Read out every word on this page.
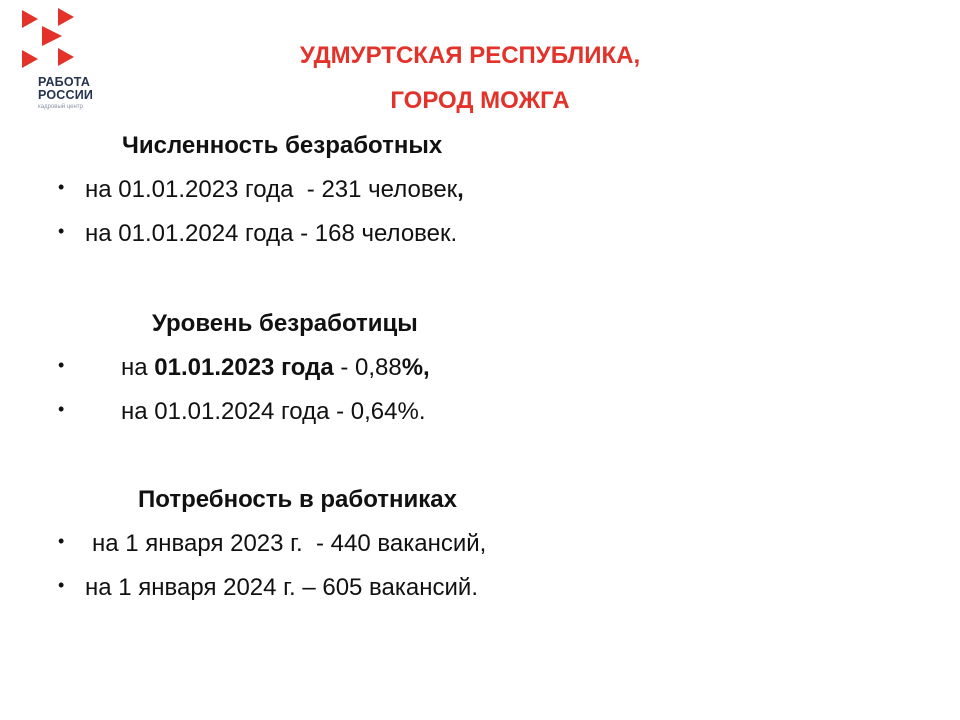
РАБОТА
РОССИИ
кадровый центр
УДМУРТСКАЯ РЕСПУБЛИКА,
ГОРОД МОЖГА
Численность безработных
• на 01.01.2023 года  - 231 человек,
• на 01.01.2024 года - 168 человек.
Уровень безработицы
• на 01.01.2023 года - 0,88%,
• на 01.01.2024 года - 0,64%.
Потребность в работниках
• на 1 января 2023 г.  - 440 вакансий,
• на 1 января 2024 г. – 605 вакансий.
